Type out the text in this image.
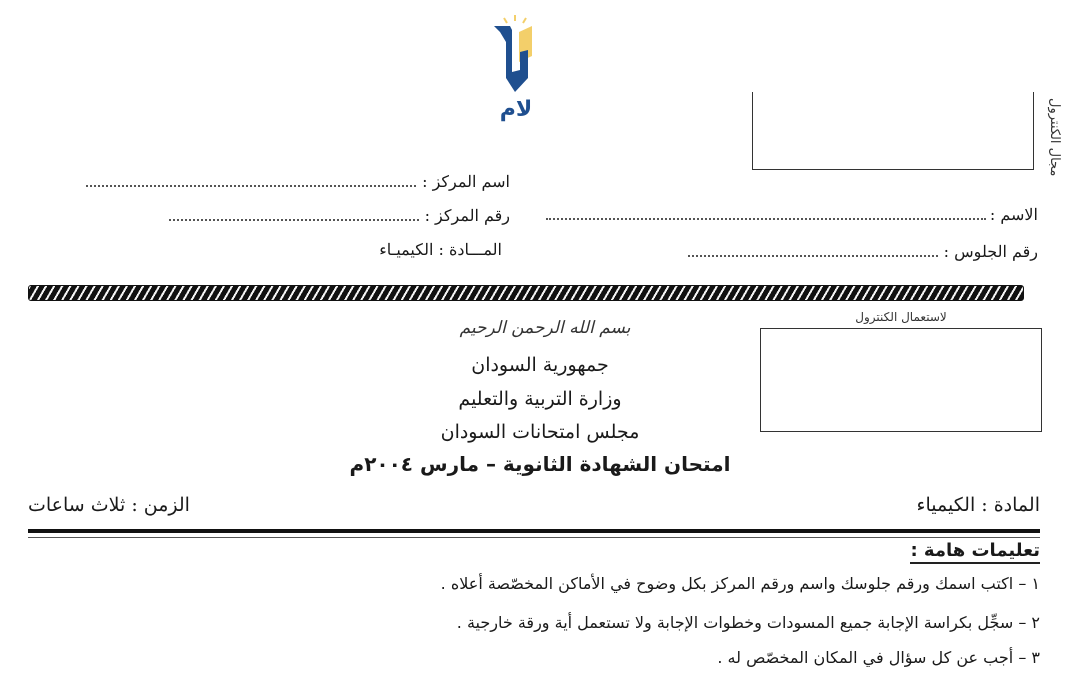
لام	مجال الكنترول
اسم المركز :
رقم المركز :
المـــادة : الكيميـاء
الاسم :
رقم الجلوس :
لاستعمال الكنترول
بسم الله الرحمن الرحيم
جمهورية السودان
وزارة التربية والتعليم
مجلس امتحانات السودان
امتحان الشهادة الثانوية – مارس ٢٠٠٤م
المادة : الكيمياء
الزمن : ثلاث ساعات
تعليمات هامة :
١ – اكتب اسمك ورقم جلوسك واسم ورقم المركز بكل وضوح في الأماكن المخصّصة أعلاه .
٢ – سجِّل بكراسة الإجابة جميع المسودات وخطوات الإجابة ولا تستعمل أية ورقة خارجية .
٣ – أجب عن كل سؤال في المكان المخصّص له .
